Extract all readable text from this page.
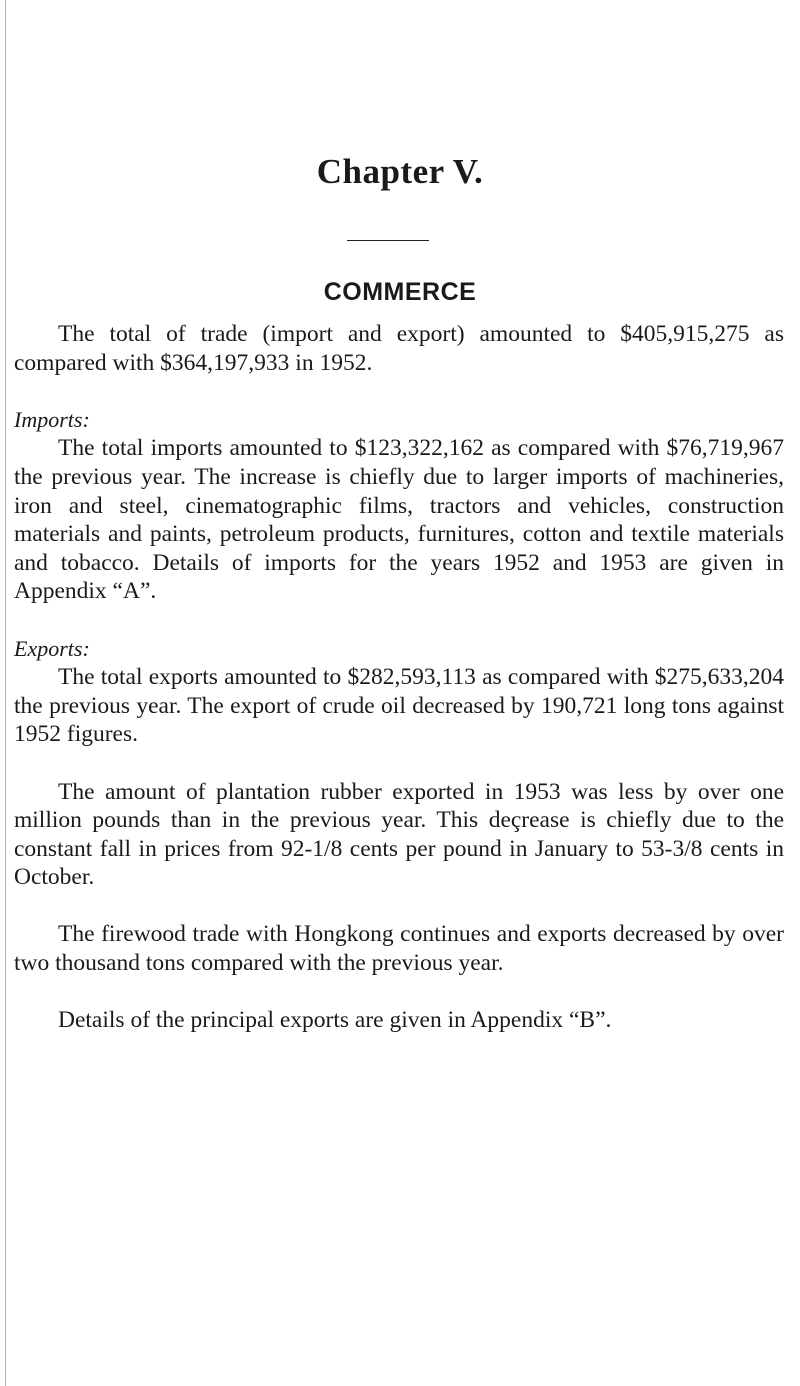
Chapter V.
COMMERCE

The total of trade (import and export) amounted to $405,915,275 as compared with $364,197,933 in 1952.

Imports:

The total imports amounted to $123,322,162 as compared with $76,719,967 the previous year. The increase is chiefly due to larger imports of machineries, iron and steel, cinematographic films, tractors and vehicles, construction materials and paints, petroleum products, furnitures, cotton and textile materials and tobacco. Details of imports for the years 1952 and 1953 are given in Appendix “A”.

Exports:

The total exports amounted to $282,593,113 as compared with $275,633,204 the previous year. The export of crude oil decreased by 190,721 long tons against 1952 figures.

The amount of plantation rubber exported in 1953 was less by over one million pounds than in the previous year. This deçrease is chiefly due to the constant fall in prices from 92-1/8 cents per pound in January to 53-3/8 cents in October.

The firewood trade with Hongkong continues and exports decreased by over two thousand tons compared with the previous year.

Details of the principal exports are given in Appendix “B”.
